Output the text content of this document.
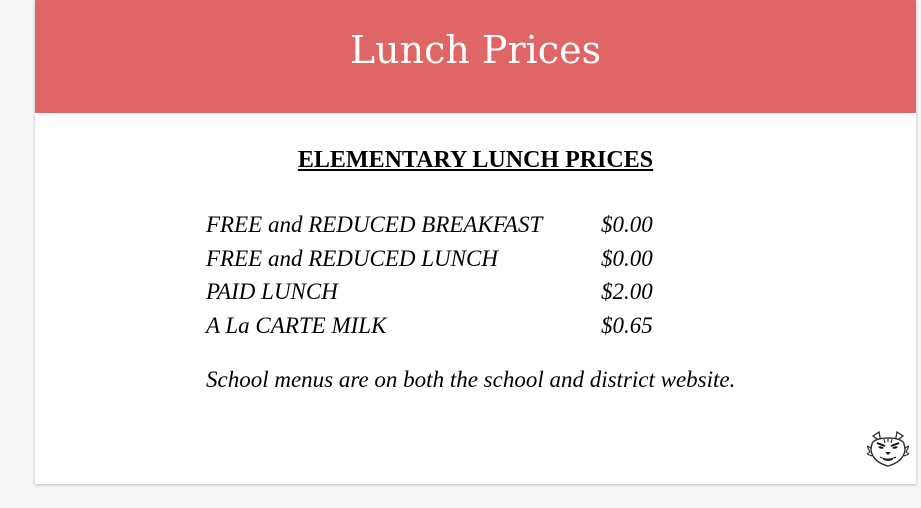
Lunch Prices
ELEMENTARY LUNCH PRICES
FREE and REDUCED BREAKFAST	$0.00
FREE and REDUCED LUNCH	$0.00
PAID LUNCH	$2.00
A La CARTE MILK	$0.65
School menus are on both the school and district website.
